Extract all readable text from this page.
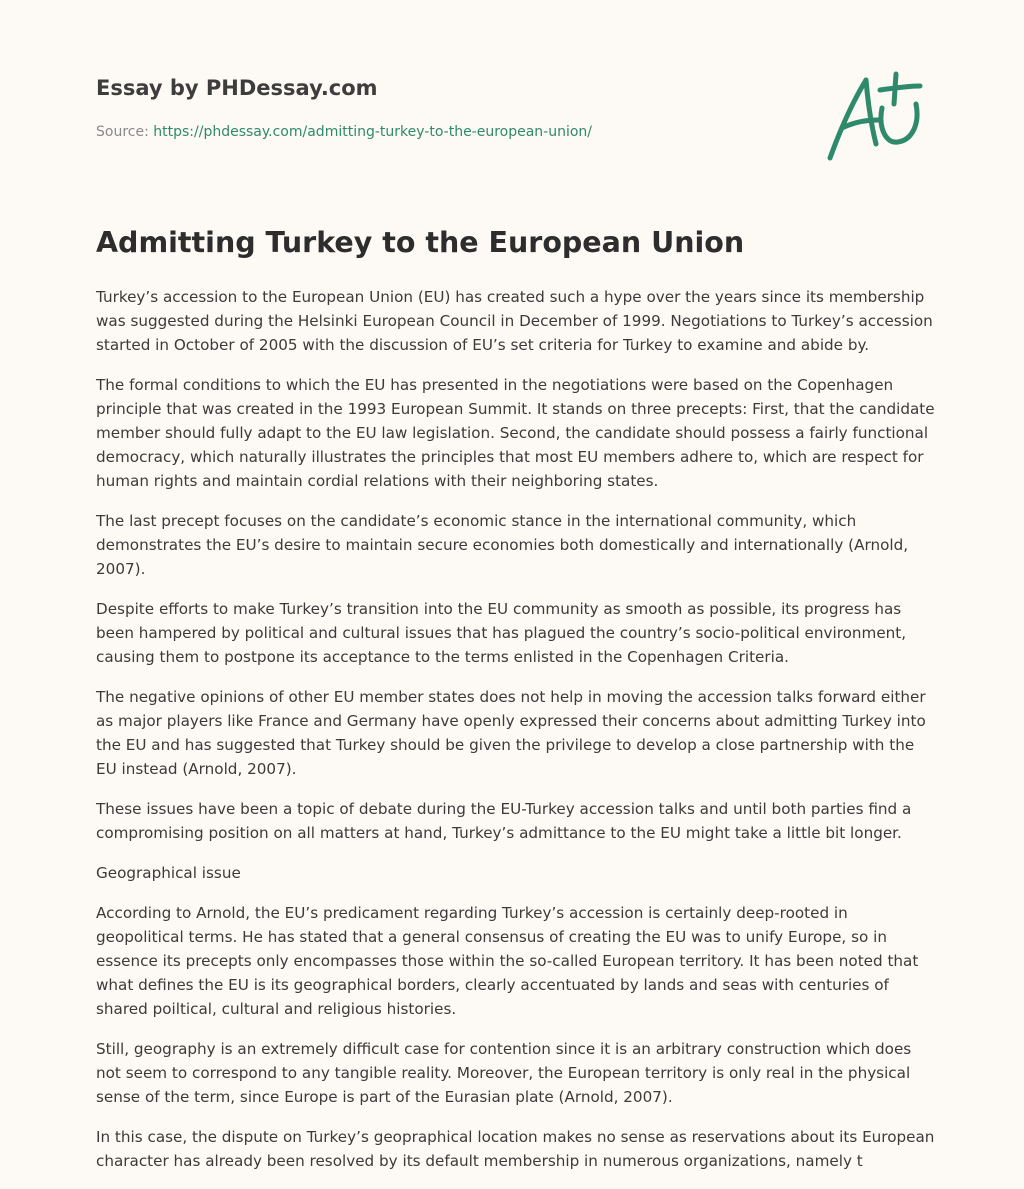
Essay by PHDessay.com
Source: https://phdessay.com/admitting-turkey-to-the-european-union/
Admitting Turkey to the European Union

Turkey’s accession to the European Union (EU) has created such a hype over the years since its membership was suggested during the Helsinki European Council in December of 1999. Negotiations to Turkey’s accession started in October of 2005 with the discussion of EU’s set criteria for Turkey to examine and abide by.

The formal conditions to which the EU has presented in the negotiations were based on the Copenhagen principle that was created in the 1993 European Summit. It stands on three precepts: First, that the candidate member should fully adapt to the EU law legislation. Second, the candidate should possess a fairly functional democracy, which naturally illustrates the principles that most EU members adhere to, which are respect for human rights and maintain cordial relations with their neighboring states.

The last precept focuses on the candidate’s economic stance in the international community, which demonstrates the EU’s desire to maintain secure economies both domestically and internationally (Arnold, 2007).

Despite efforts to make Turkey’s transition into the EU community as smooth as possible, its progress has been hampered by political and cultural issues that has plagued the country’s socio-political environment, causing them to postpone its acceptance to the terms enlisted in the Copenhagen Criteria.

The negative opinions of other EU member states does not help in moving the accession talks forward either as major players like France and Germany have openly expressed their concerns about admitting Turkey into the EU and has suggested that Turkey should be given the privilege to develop a close partnership with the EU instead (Arnold, 2007).

These issues have been a topic of debate during the EU-Turkey accession talks and until both parties find a compromising position on all matters at hand, Turkey’s admittance to the EU might take a little bit longer.

Geographical issue

According to Arnold, the EU’s predicament regarding Turkey’s accession is certainly deep-rooted in geopolitical terms. He has stated that a general consensus of creating the EU was to unify Europe, so in essence its precepts only encompasses those within the so-called European territory. It has been noted that what defines the EU is its geographical borders, clearly accentuated by lands and seas with centuries of shared poiltical, cultural and religious histories.

Still, geography is an extremely difficult case for contention since it is an arbitrary construction which does not seem to correspond to any tangible reality. Moreover, the European territory is only real in the physical sense of the term, since Europe is part of the Eurasian plate (Arnold, 2007).

In this case, the dispute on Turkey’s geopraphical location makes no sense as reservations about its European character has already been resolved by its default membership in numerous organizations, namely t
